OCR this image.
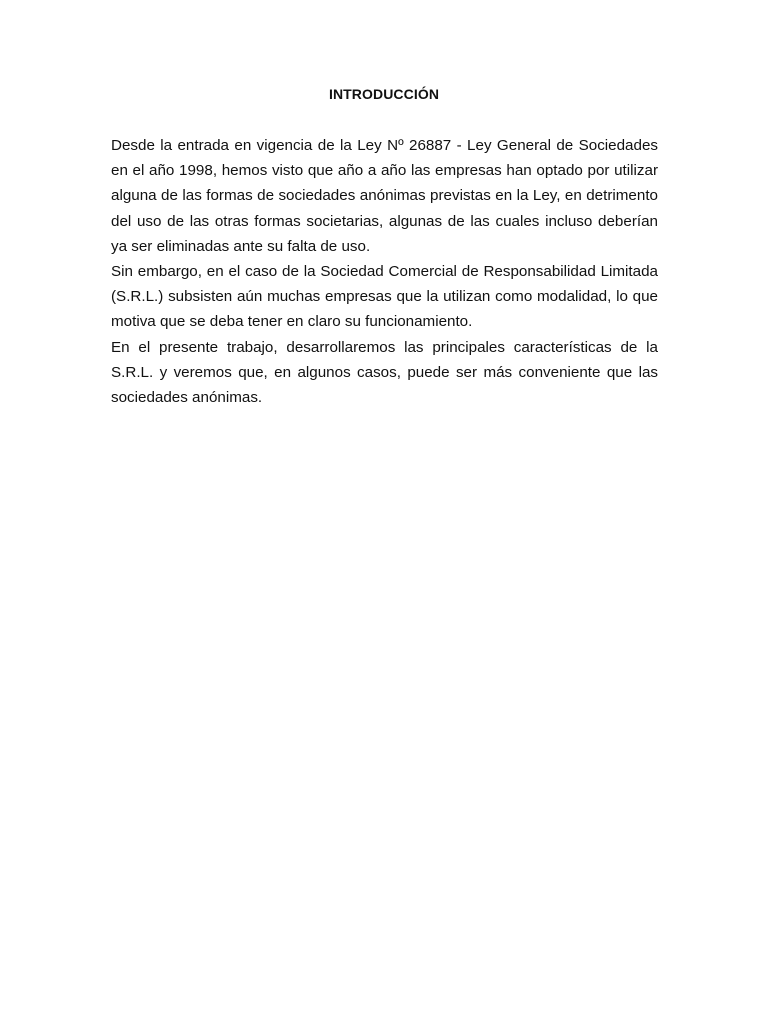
INTRODUCCIÓN

Desde la entrada en vigencia de la Ley Nº 26887 - Ley General de Sociedades en el año 1998, hemos visto que año a año las empresas han optado por utilizar alguna de las formas de sociedades anónimas previstas en la Ley, en detrimento del uso de las otras formas societarias, algunas de las cuales incluso deberían ya ser eliminadas ante su falta de uso.

Sin embargo, en el caso de la Sociedad Comercial de Responsabilidad Limitada (S.R.L.) subsisten aún muchas empresas que la utilizan como modalidad, lo que motiva que se deba tener en claro su funcionamiento.

En el presente trabajo, desarrollaremos las principales características de la S.R.L. y veremos que, en algunos casos, puede ser más conveniente que las sociedades anónimas.
